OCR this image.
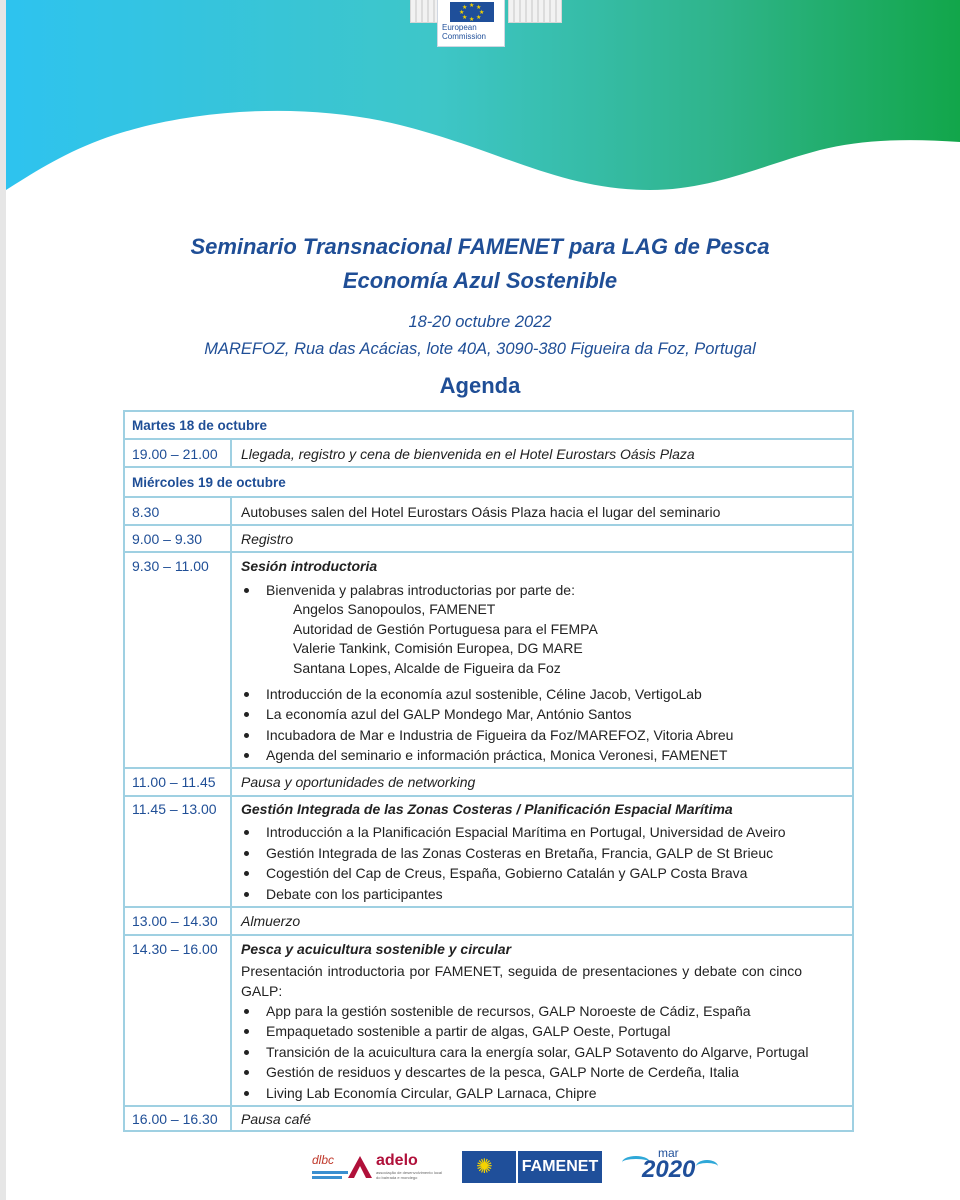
★ ★
★
★
★
★
★
★
European
Commission
Seminario Transnacional FAMENET para LAG de Pesca
Economía Azul Sostenible
18-20 octubre 2022
MAREFOZ, Rua das Acácias, lote 40A, 3090-380 Figueira da Foz, Portugal
Agenda
Martes 18 de octubre
19.00 – 21.00 Llegada, registro y cena de bienvenida en el Hotel Eurostars Oásis Plaza
Miércoles 19 de octubre
8.30	Autobuses salen del Hotel Eurostars Oásis Plaza hacia el lugar del seminario
9.00 – 9.30	Registro
9.30 – 11.00 Sesión introductoria
Bienvenida y palabras introductorias por parte de:
Angelos Sanopoulos, FAMENET
Autoridad de Gestión Portuguesa para el FEMPA
Valerie Tankink, Comisión Europea, DG MARE
Santana Lopes, Alcalde de Figueira da Foz
Introducción de la economía azul sostenible, Céline Jacob, VertigoLab
La economía azul del GALP Mondego Mar, António Santos
Incubadora de Mar e Industria de Figueira da Foz/MAREFOZ, Vitoria Abreu
Agenda del seminario e información práctica, Monica Veronesi, FAMENET
11.00 – 11.45 Pausa y oportunidades de networking
11.45 – 13.00 Gestión Integrada de las Zonas Costeras / Planificación Espacial Marítima
Introducción a la Planificación Espacial Marítima en Portugal, Universidad de Aveiro
Gestión Integrada de las Zonas Costeras en Bretaña, Francia, GALP de St Brieuc
Cogestión del Cap de Creus, España, Gobierno Catalán y GALP Costa Brava
Debate con los participantes
13.00 – 14.30 Almuerzo
14.30 – 16.00 Pesca y acuicultura sostenible y circular
Presentación introductoria por FAMENET, seguida de presentaciones y debate con cinco
GALP:
App para la gestión sostenible de recursos, GALP Noroeste de Cádiz, España
Empaquetado sostenible a partir de algas, GALP Oeste, Portugal
Transición de la acuicultura cara la energía solar, GALP Sotavento do Algarve, Portugal
Gestión de residuos y descartes de la pesca, GALP Norte de Cerdeña, Italia
Living Lab Economía Circular, GALP Larnaca, Chipre
16.00 – 16.30 Pausa café
dlbc	adelo
associação de desenvolvimento local do bairrada e mondego	✺ FAMENET
mar
2020
